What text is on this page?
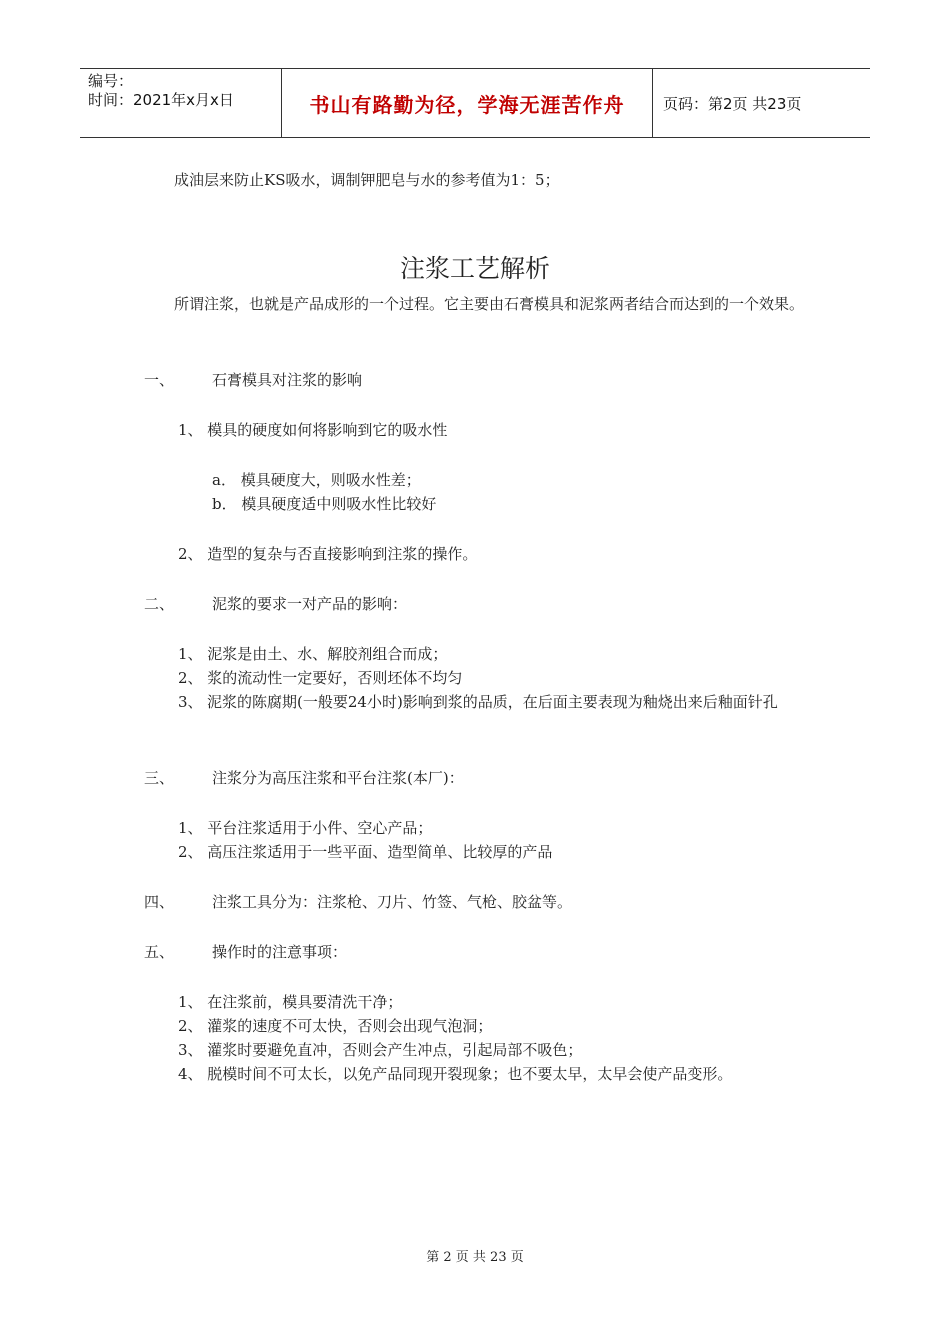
编号：
时间：2021年x月x日	书山有路勤为径，学海无涯苦作舟	页码：第2页 共23页
成油层来防止KS吸水，调制钾肥皂与水的参考值为1：5；
注浆工艺解析
所谓注浆，也就是产品成形的一个过程。它主要由石膏模具和泥浆两者结合而达到的一个效果。
一、	石膏模具对注浆的影响
1、 模具的硬度如何将影响到它的吸水性
a． 模具硬度大，则吸水性差；
b． 模具硬度适中则吸水性比较好
2、 造型的复杂与否直接影响到注浆的操作。
二、	泥浆的要求一对产品的影响：
1、 泥浆是由土、水、解胶剂组合而成；
2、 浆的流动性一定要好，否则坯体不均匀
3、 泥浆的陈腐期(一般要24小时)影响到浆的品质，在后面主要表现为釉烧出来后釉面针孔
三、	注浆分为高压注浆和平台注浆(本厂)：
1、 平台注浆适用于小件、空心产品；
2、 高压注浆适用于一些平面、造型简单、比较厚的产品
四、	注浆工具分为：注浆枪、刀片、竹签、气枪、胶盆等。
五、	操作时的注意事项：
1、 在注浆前，模具要清洗干净；
2、 灌浆的速度不可太快，否则会出现气泡洞；
3、 灌浆时要避免直冲，否则会产生冲点，引起局部不吸色；
4、 脱模时间不可太长，以免产品同现开裂现象；也不要太早，太早会使产品变形。
第 2 页 共 23 页
